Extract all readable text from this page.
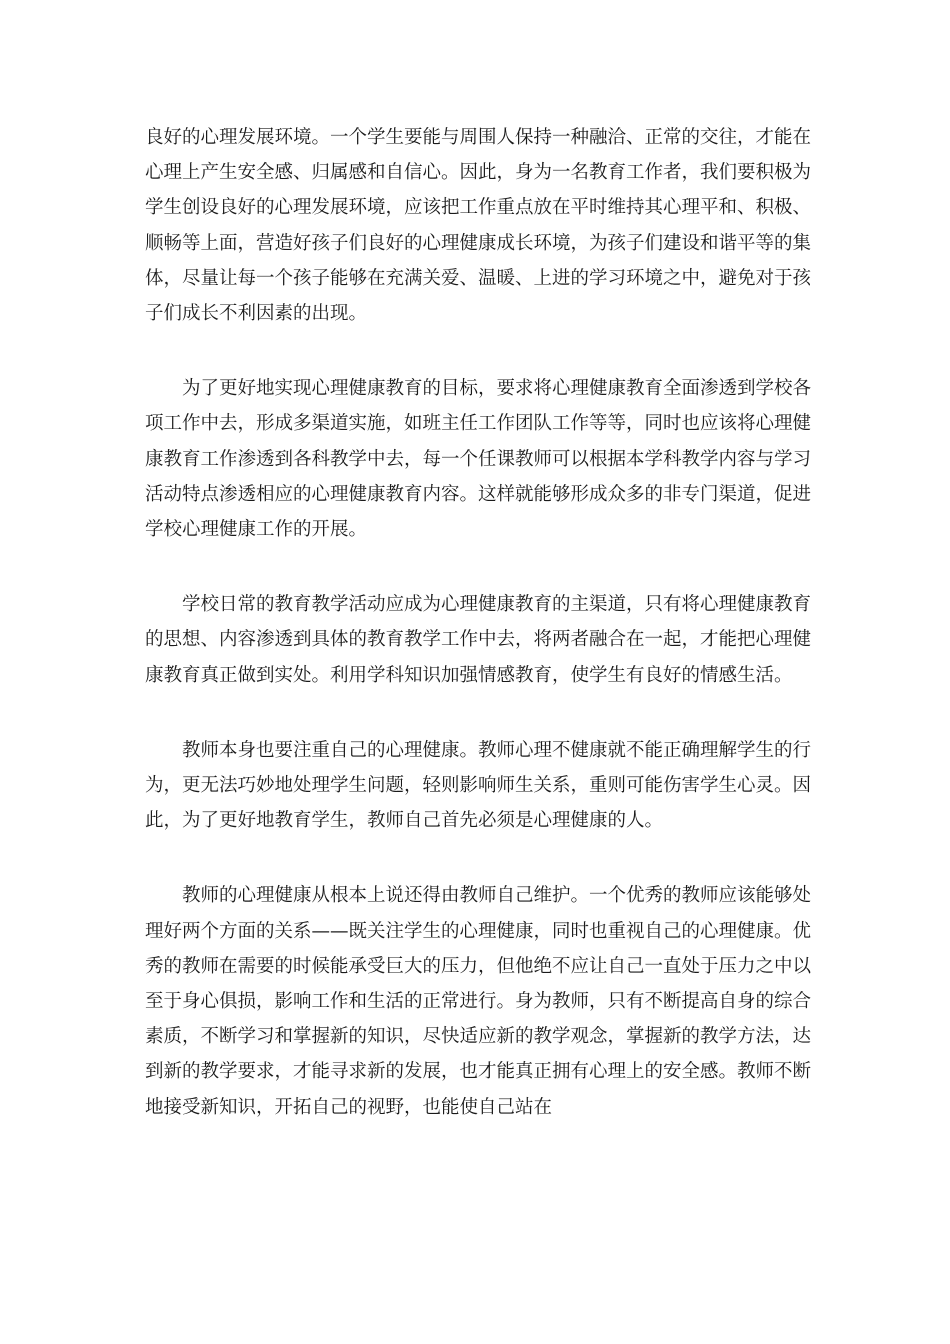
良好的心理发展环境。一个学生要能与周围人保持一种融洽、正常的交往，才能在心理上产生安全感、归属感和自信心。因此，身为一名教育工作者，我们要积极为学生创设良好的心理发展环境，应该把工作重点放在平时维持其心理平和、积极、顺畅等上面，营造好孩子们良好的心理健康成长环境，为孩子们建设和谐平等的集体，尽量让每一个孩子能够在充满关爱、温暖、上进的学习环境之中，避免对于孩子们成长不利因素的出现。

为了更好地实现心理健康教育的目标，要求将心理健康教育全面渗透到学校各项工作中去，形成多渠道实施，如班主任工作团队工作等等，同时也应该将心理健康教育工作渗透到各科教学中去，每一个任课教师可以根据本学科教学内容与学习活动特点渗透相应的心理健康教育内容。这样就能够形成众多的非专门渠道，促进学校心理健康工作的开展。

学校日常的教育教学活动应成为心理健康教育的主渠道，只有将心理健康教育的思想、内容渗透到具体的教育教学工作中去，将两者融合在一起，才能把心理健康教育真正做到实处。利用学科知识加强情感教育，使学生有良好的情感生活。

教师本身也要注重自己的心理健康。教师心理不健康就不能正确理解学生的行为，更无法巧妙地处理学生问题，轻则影响师生关系，重则可能伤害学生心灵。因此，为了更好地教育学生，教师自己首先必须是心理健康的人。

教师的心理健康从根本上说还得由教师自己维护。一个优秀的教师应该能够处理好两个方面的关系——既关注学生的心理健康，同时也重视自己的心理健康。优秀的教师在需要的时候能承受巨大的压力，但他绝不应让自己一直处于压力之中以至于身心俱损，影响工作和生活的正常进行。身为教师，只有不断提高自身的综合素质，不断学习和掌握新的知识，尽快适应新的教学观念，掌握新的教学方法，达到新的教学要求，才能寻求新的发展，也才能真正拥有心理上的安全感。教师不断地接受新知识，开拓自己的视野，也能使自己站在
